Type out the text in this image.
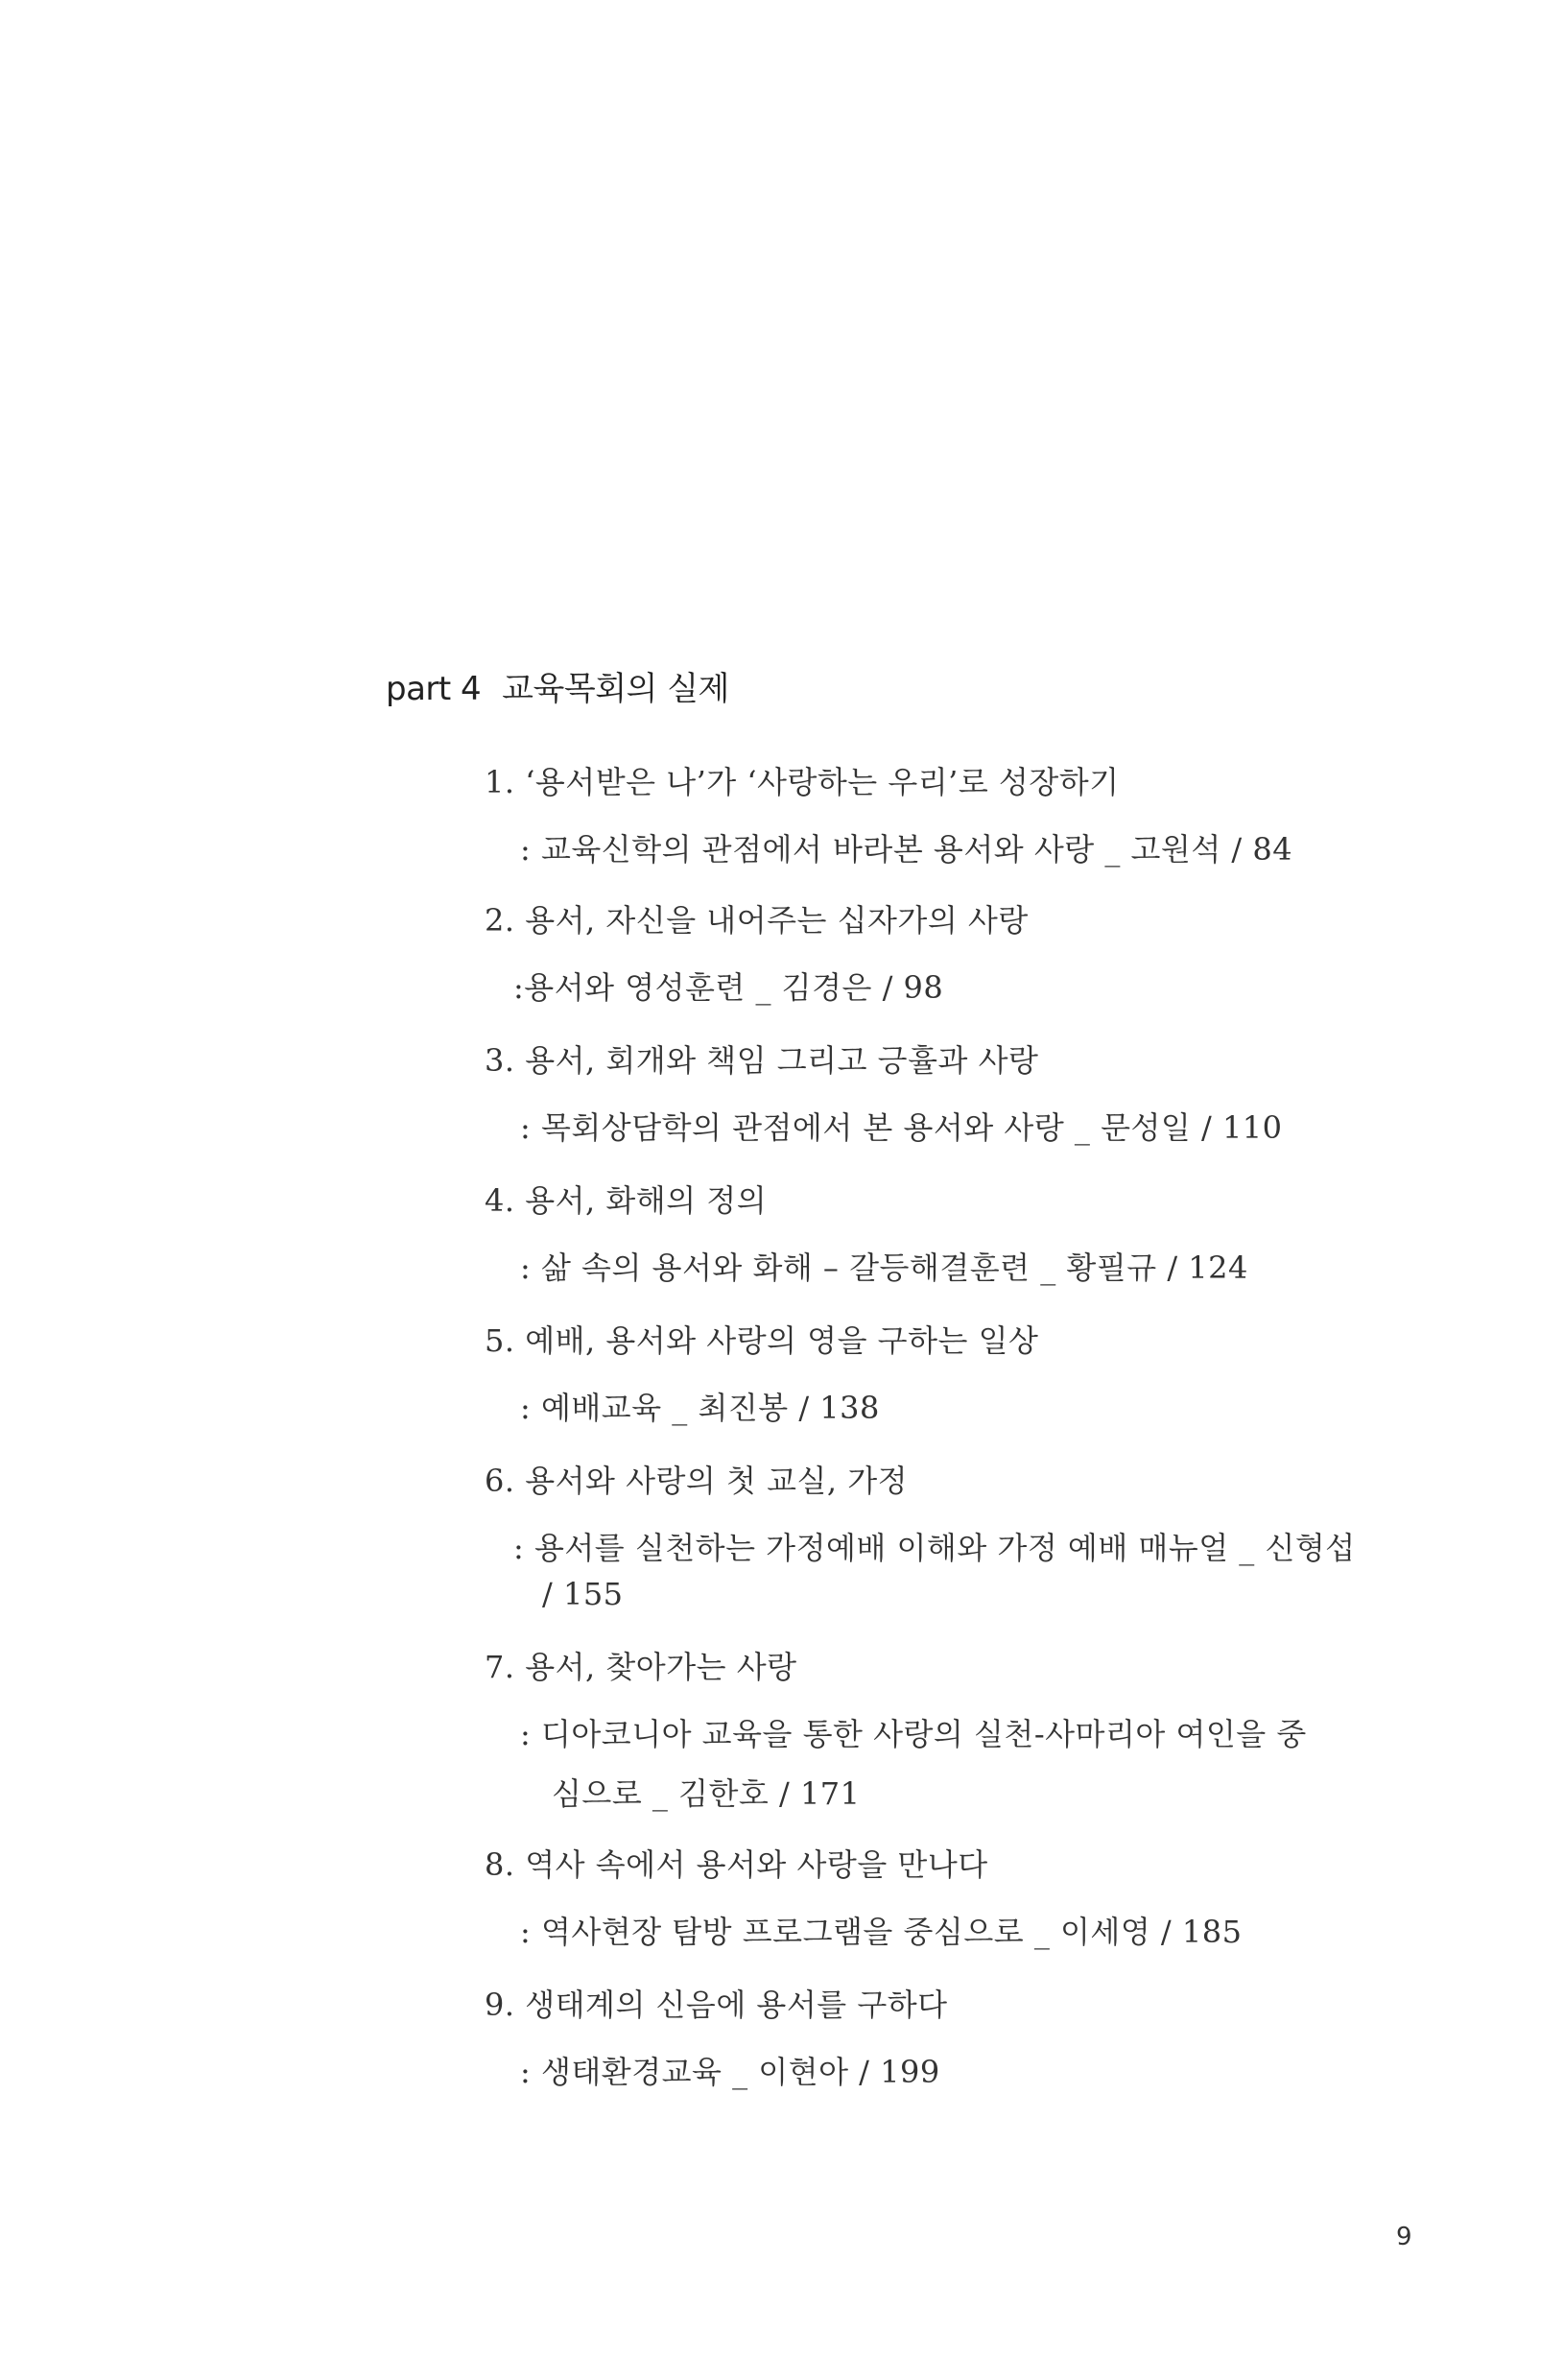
part 4 교육목회의 실제
1. ‘용서받은 나’가 ‘사랑하는 우리’로 성장하기
: 교육신학의 관점에서 바라본 용서와 사랑 _ 고원석 / 84
2. 용서, 자신을 내어주는 십자가의 사랑
:용서와 영성훈련 _ 김경은 / 98
3. 용서, 회개와 책임 그리고 긍휼과 사랑
: 목회상담학의 관점에서 본 용서와 사랑 _ 문성일 / 110
4. 용서, 화해의 정의
: 삶 속의 용서와 화해 – 갈등해결훈련 _ 황필규 / 124
5. 예배, 용서와 사랑의 영을 구하는 일상
: 예배교육 _ 최진봉 / 138
6. 용서와 사랑의 첫 교실, 가정
: 용서를 실천하는 가정예배 이해와 가정 예배 매뉴얼 _ 신형섭
/ 155
7. 용서, 찾아가는 사랑
: 디아코니아 교육을 통한 사랑의 실천-사마리아 여인을 중
심으로 _ 김한호 / 171
8. 역사 속에서 용서와 사랑을 만나다
: 역사현장 탐방 프로그램을 중심으로 _ 이세영 / 185
9. 생태계의 신음에 용서를 구하다
: 생태환경교육 _ 이현아 / 199
9
